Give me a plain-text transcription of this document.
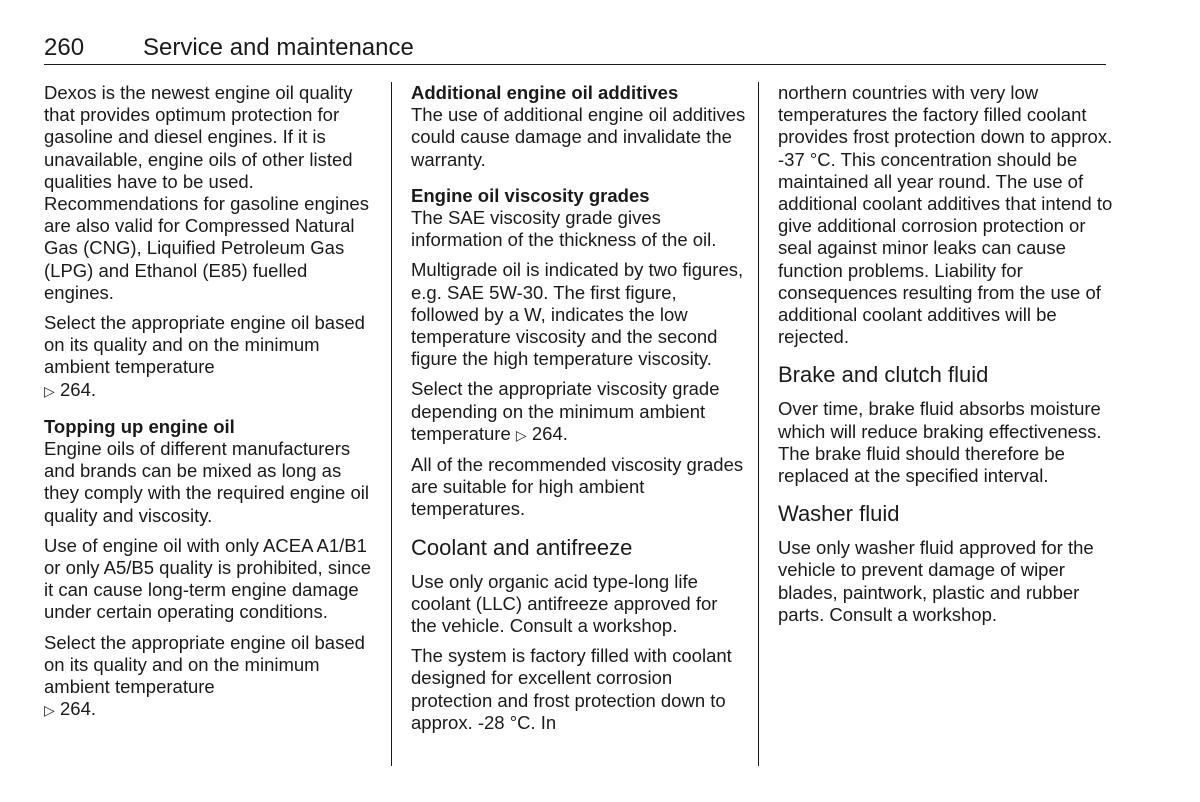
260 Service and maintenance

Dexos is the newest engine oil quality that provides optimum protection for gasoline and diesel engines. If it is unavailable, engine oils of other listed qualities have to be used. Recommendations for gasoline engines are also valid for Compressed Natural Gas (CNG), Liquified Petroleum Gas (LPG) and Ethanol (E85) fuelled engines.

Select the appropriate engine oil based on its quality and on the minimum ambient temperature
▷ 264.

Topping up engine oil

Engine oils of different manufacturers and brands can be mixed as long as they comply with the required engine oil quality and viscosity.

Use of engine oil with only ACEA A1/B1 or only A5/B5 quality is prohibited, since it can cause long-term engine damage under certain operating conditions.

Select the appropriate engine oil based on its quality and on the minimum ambient temperature
▷ 264.

Additional engine oil additives

The use of additional engine oil additives could cause damage and invalidate the warranty.

Engine oil viscosity grades

The SAE viscosity grade gives information of the thickness of the oil.

Multigrade oil is indicated by two figures, e.g. SAE 5W-30. The first figure, followed by a W, indicates the low temperature viscosity and the second figure the high temperature viscosity.

Select the appropriate viscosity grade depending on the minimum ambient temperature ▷ 264.

All of the recommended viscosity grades are suitable for high ambient temperatures.

Coolant and antifreeze

Use only organic acid type-long life coolant (LLC) antifreeze approved for the vehicle. Consult a workshop.

The system is factory filled with coolant designed for excellent corrosion protection and frost protection down to approx. -28 °C. In

northern countries with very low temperatures the factory filled coolant provides frost protection down to approx. -37 °C. This concentration should be maintained all year round. The use of additional coolant additives that intend to give additional corrosion protection or seal against minor leaks can cause function problems. Liability for consequences resulting from the use of additional coolant additives will be rejected.

Brake and clutch fluid

Over time, brake fluid absorbs moisture which will reduce braking effectiveness. The brake fluid should therefore be replaced at the specified interval.

Washer fluid

Use only washer fluid approved for the vehicle to prevent damage of wiper blades, paintwork, plastic and rubber parts. Consult a workshop.
